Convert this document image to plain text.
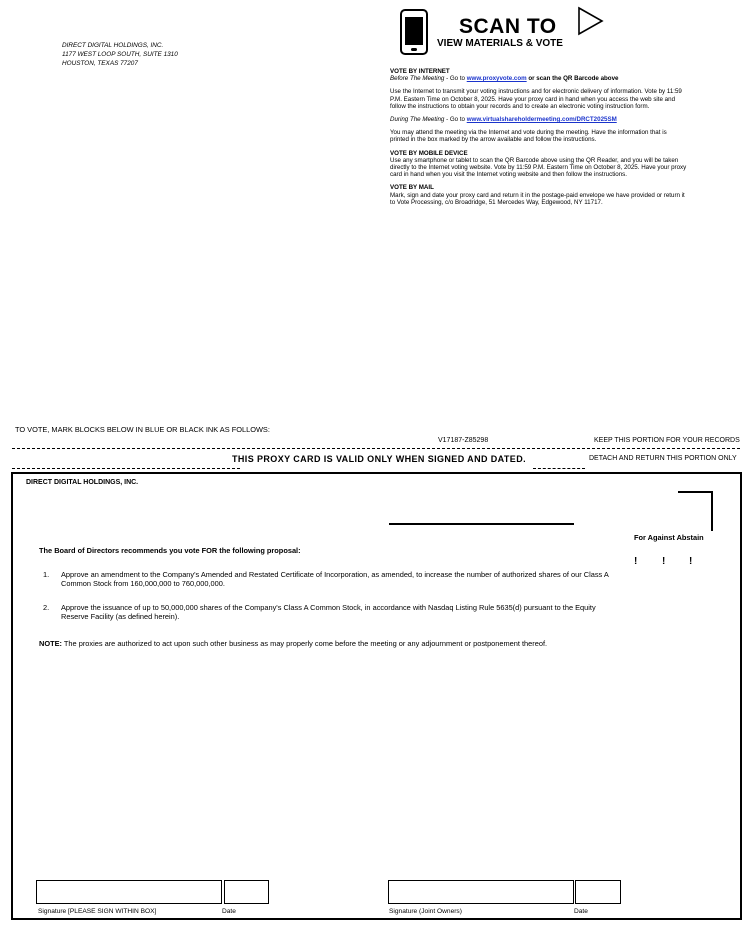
DIRECT DIGITAL HOLDINGS, INC.
1177 WEST LOOP SOUTH, SUITE 1310
HOUSTON, TEXAS 77207
SCAN TO
VIEW MATERIALS & VOTE

VOTE BY INTERNET

Before The Meeting - Go to www.proxyvote.com or scan the QR Barcode above

Use the Internet to transmit your voting instructions and for electronic delivery of information. Vote by 11:59 P.M. Eastern Time on October 8, 2025. Have your proxy card in hand when you access the web site and follow the instructions to obtain your records and to create an electronic voting instruction form.

During The Meeting - Go to www.virtualshareholdermeeting.com/DRCT2025SM

You may attend the meeting via the Internet and vote during the meeting. Have the information that is printed in the box marked by the arrow available and follow the instructions.

VOTE BY MOBILE DEVICE

Use any smartphone or tablet to scan the QR Barcode above using the QR Reader, and you will be taken directly to the Internet voting website. Vote by 11:59 P.M. Eastern Time on October 8, 2025. Have your proxy card in hand when you visit the Internet voting website and then follow the instructions.

VOTE BY MAIL

Mark, sign and date your proxy card and return it in the postage-paid envelope we have provided or return it to Vote Processing, c/o Broadridge, 51 Mercedes Way, Edgewood, NY 11717.

TO VOTE, MARK BLOCKS BELOW IN BLUE OR BLACK INK AS FOLLOWS:
V17187-Z85298	KEEP THIS PORTION FOR YOUR RECORDS
THIS PROXY CARD IS VALID ONLY WHEN SIGNED AND DATED.	DETACH AND RETURN THIS PORTION ONLY
DIRECT DIGITAL HOLDINGS, INC.
For Against Abstain
The Board of Directors recommends you vote FOR the following proposal:
! ! !
1. Approve an amendment to the Company's Amended and Restated Certificate of Incorporation, as amended, to increase the number of authorized shares of our Class A Common Stock from 160,000,000 to 760,000,000.
2. Approve the issuance of up to 50,000,000 shares of the Company's Class A Common Stock, in accordance with Nasdaq Listing Rule 5635(d) pursuant to the Equity Reserve Facility (as defined herein).
NOTE: The proxies are authorized to act upon such other business as may properly come before the meeting or any adjournment or postponement thereof.
Signature [PLEASE SIGN WITHIN BOX]	Date	Signature (Joint Owners)	Date
